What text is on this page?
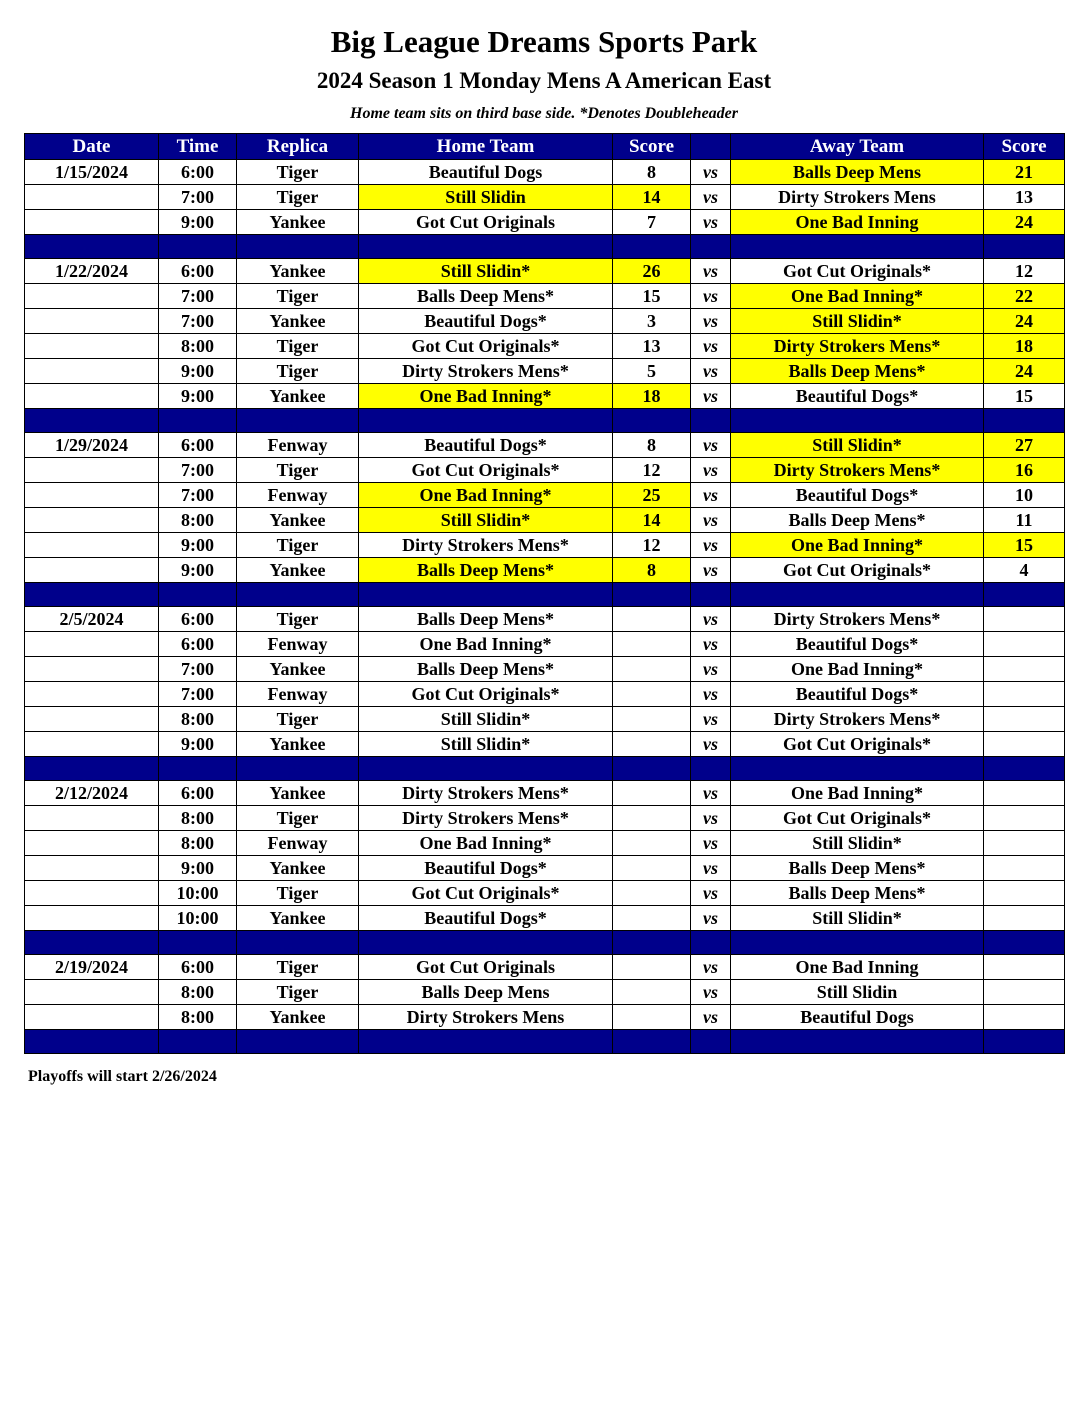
Big League Dreams Sports Park
2024 Season 1 Monday Mens A American East
Home team sits on third base side. *Denotes Doubleheader
Date	Time	Replica	Home Team	Score		Away Team	Score
1/15/2024	6:00	Tiger	Beautiful Dogs	8	vs	Balls Deep Mens	21
	7:00	Tiger	Still Slidin	14	vs	Dirty Strokers Mens	13
	9:00	Yankee	Got Cut Originals	7	vs	One Bad Inning	24

1/22/2024	6:00	Yankee	Still Slidin*	26	vs	Got Cut Originals*	12
	7:00	Tiger	Balls Deep Mens*	15	vs	One Bad Inning*	22
	7:00	Yankee	Beautiful Dogs*	3	vs	Still Slidin*	24
	8:00	Tiger	Got Cut Originals*	13	vs	Dirty Strokers Mens*	18
	9:00	Tiger	Dirty Strokers Mens*	5	vs	Balls Deep Mens*	24
	9:00	Yankee	One Bad Inning*	18	vs	Beautiful Dogs*	15

1/29/2024	6:00	Fenway	Beautiful Dogs*	8	vs	Still Slidin*	27
	7:00	Tiger	Got Cut Originals*	12	vs	Dirty Strokers Mens*	16
	7:00	Fenway	One Bad Inning*	25	vs	Beautiful Dogs*	10
	8:00	Yankee	Still Slidin*	14	vs	Balls Deep Mens*	11
	9:00	Tiger	Dirty Strokers Mens*	12	vs	One Bad Inning*	15
	9:00	Yankee	Balls Deep Mens*	8	vs	Got Cut Originals*	4

2/5/2024	6:00	Tiger	Balls Deep Mens*		vs	Dirty Strokers Mens*	
	6:00	Fenway	One Bad Inning*		vs	Beautiful Dogs*	
	7:00	Yankee	Balls Deep Mens*		vs	One Bad Inning*	
	7:00	Fenway	Got Cut Originals*		vs	Beautiful Dogs*	
	8:00	Tiger	Still Slidin*		vs	Dirty Strokers Mens*	
	9:00	Yankee	Still Slidin*		vs	Got Cut Originals*	

2/12/2024	6:00	Yankee	Dirty Strokers Mens*		vs	One Bad Inning*	
	8:00	Tiger	Dirty Strokers Mens*		vs	Got Cut Originals*	
	8:00	Fenway	One Bad Inning*		vs	Still Slidin*	
	9:00	Yankee	Beautiful Dogs*		vs	Balls Deep Mens*	
	10:00	Tiger	Got Cut Originals*		vs	Balls Deep Mens*	
	10:00	Yankee	Beautiful Dogs*		vs	Still Slidin*	

2/19/2024	6:00	Tiger	Got Cut Originals		vs	One Bad Inning	
	8:00	Tiger	Balls Deep Mens		vs	Still Slidin	
	8:00	Yankee	Dirty Strokers Mens		vs	Beautiful Dogs	

Playoffs will start 2/26/2024
